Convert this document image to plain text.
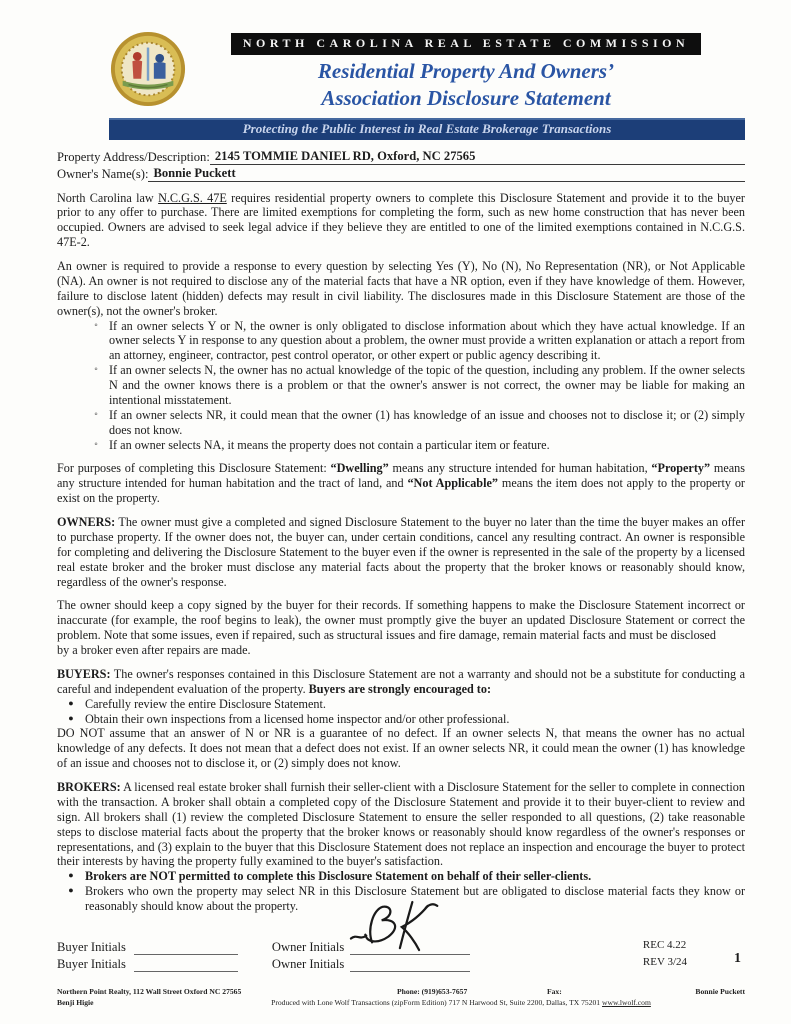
NORTH CAROLINA REAL ESTATE COMMISSION
Residential Property And Owners’
Association Disclosure Statement
Protecting the Public Interest in Real Estate Brokerage Transactions
Property Address/Description: 2145 TOMMIE DANIEL RD, Oxford, NC 27565
Owner's Name(s): Bonnie Puckett

North Carolina law N.C.G.S. 47E requires residential property owners to complete this Disclosure Statement and provide it to the buyer prior to any offer to purchase. There are limited exemptions for completing the form, such as new home construction that has never been occupied. Owners are advised to seek legal advice if they believe they are entitled to one of the limited exemptions contained in N.C.G.S. 47E-2.

An owner is required to provide a response to every question by selecting Yes (Y), No (N), No Representation (NR), or Not Applicable (NA). An owner is not required to disclose any of the material facts that have a NR option, even if they have knowledge of them. However, failure to disclose latent (hidden) defects may result in civil liability. The disclosures made in this Disclosure Statement are those of the owner(s), not the owner's broker.

◦ If an owner selects Y or N, the owner is only obligated to disclose information about which they have actual knowledge. If an owner selects Y in response to any question about a problem, the owner must provide a written explanation or attach a report from an attorney, engineer, contractor, pest control operator, or other expert or public agency describing it.
◦ If an owner selects N, the owner has no actual knowledge of the topic of the question, including any problem. If the owner selects N and the owner knows there is a problem or that the owner's answer is not correct, the owner may be liable for making an intentional misstatement.
◦ If an owner selects NR, it could mean that the owner (1) has knowledge of an issue and chooses not to disclose it; or (2) simply does not know.
◦ If an owner selects NA, it means the property does not contain a particular item or feature.

For purposes of completing this Disclosure Statement: “Dwelling” means any structure intended for human habitation, “Property” means any structure intended for human habitation and the tract of land, and “Not Applicable” means the item does not apply to the property or exist on the property.

OWNERS: The owner must give a completed and signed Disclosure Statement to the buyer no later than the time the buyer makes an offer to purchase property. If the owner does not, the buyer can, under certain conditions, cancel any resulting contract. An owner is responsible for completing and delivering the Disclosure Statement to the buyer even if the owner is represented in the sale of the property by a licensed real estate broker and the broker must disclose any material facts about the property that the broker knows or reasonably should know, regardless of the owner's response.

The owner should keep a copy signed by the buyer for their records. If something happens to make the Disclosure Statement incorrect or inaccurate (for example, the roof begins to leak), the owner must promptly give the buyer an updated Disclosure Statement or correct the problem. Note that some issues, even if repaired, such as structural issues and fire damage, remain material facts and must be disclosed
by a broker even after repairs are made.

BUYERS: The owner's responses contained in this Disclosure Statement are not a warranty and should not be a substitute for conducting a careful and independent evaluation of the property. Buyers are strongly encouraged to:

● Carefully review the entire Disclosure Statement.
● Obtain their own inspections from a licensed home inspector and/or other professional.

DO NOT assume that an answer of N or NR is a guarantee of no defect. If an owner selects N, that means the owner has no actual knowledge of any defects. It does not mean that a defect does not exist. If an owner selects NR, it could mean the owner (1) has knowledge of an issue and chooses not to disclose it, or (2) simply does not know.

BROKERS: A licensed real estate broker shall furnish their seller-client with a Disclosure Statement for the seller to complete in connection with the transaction. A broker shall obtain a completed copy of the Disclosure Statement and provide it to their buyer-client to review and sign. All brokers shall (1) review the completed Disclosure Statement to ensure the seller responded to all questions, (2) take reasonable steps to disclose material facts about the property that the broker knows or reasonably should know regardless of the owner's responses or representations, and (3) explain to the buyer that this Disclosure Statement does not replace an inspection and encourage the buyer to protect their interests by having the property fully examined to the buyer's satisfaction.

● Brokers are NOT permitted to complete this Disclosure Statement on behalf of their seller-clients.
● Brokers who own the property may select NR in this Disclosure Statement but are obligated to disclose material facts they know or reasonably should know about the property.
Buyer Initials	Owner Initials
Buyer Initials	Owner Initials
REC 4.22
REV 3/24	1
Northern Point Realty, 112 Wall Street Oxford NC 27565	Phone: (919)653-7657	Fax:	Bonnie Puckett
Benji Higie	Produced with Lone Wolf Transactions (zipForm Edition) 717 N Harwood St, Suite 2200, Dallas, TX 75201 www.lwolf.com
